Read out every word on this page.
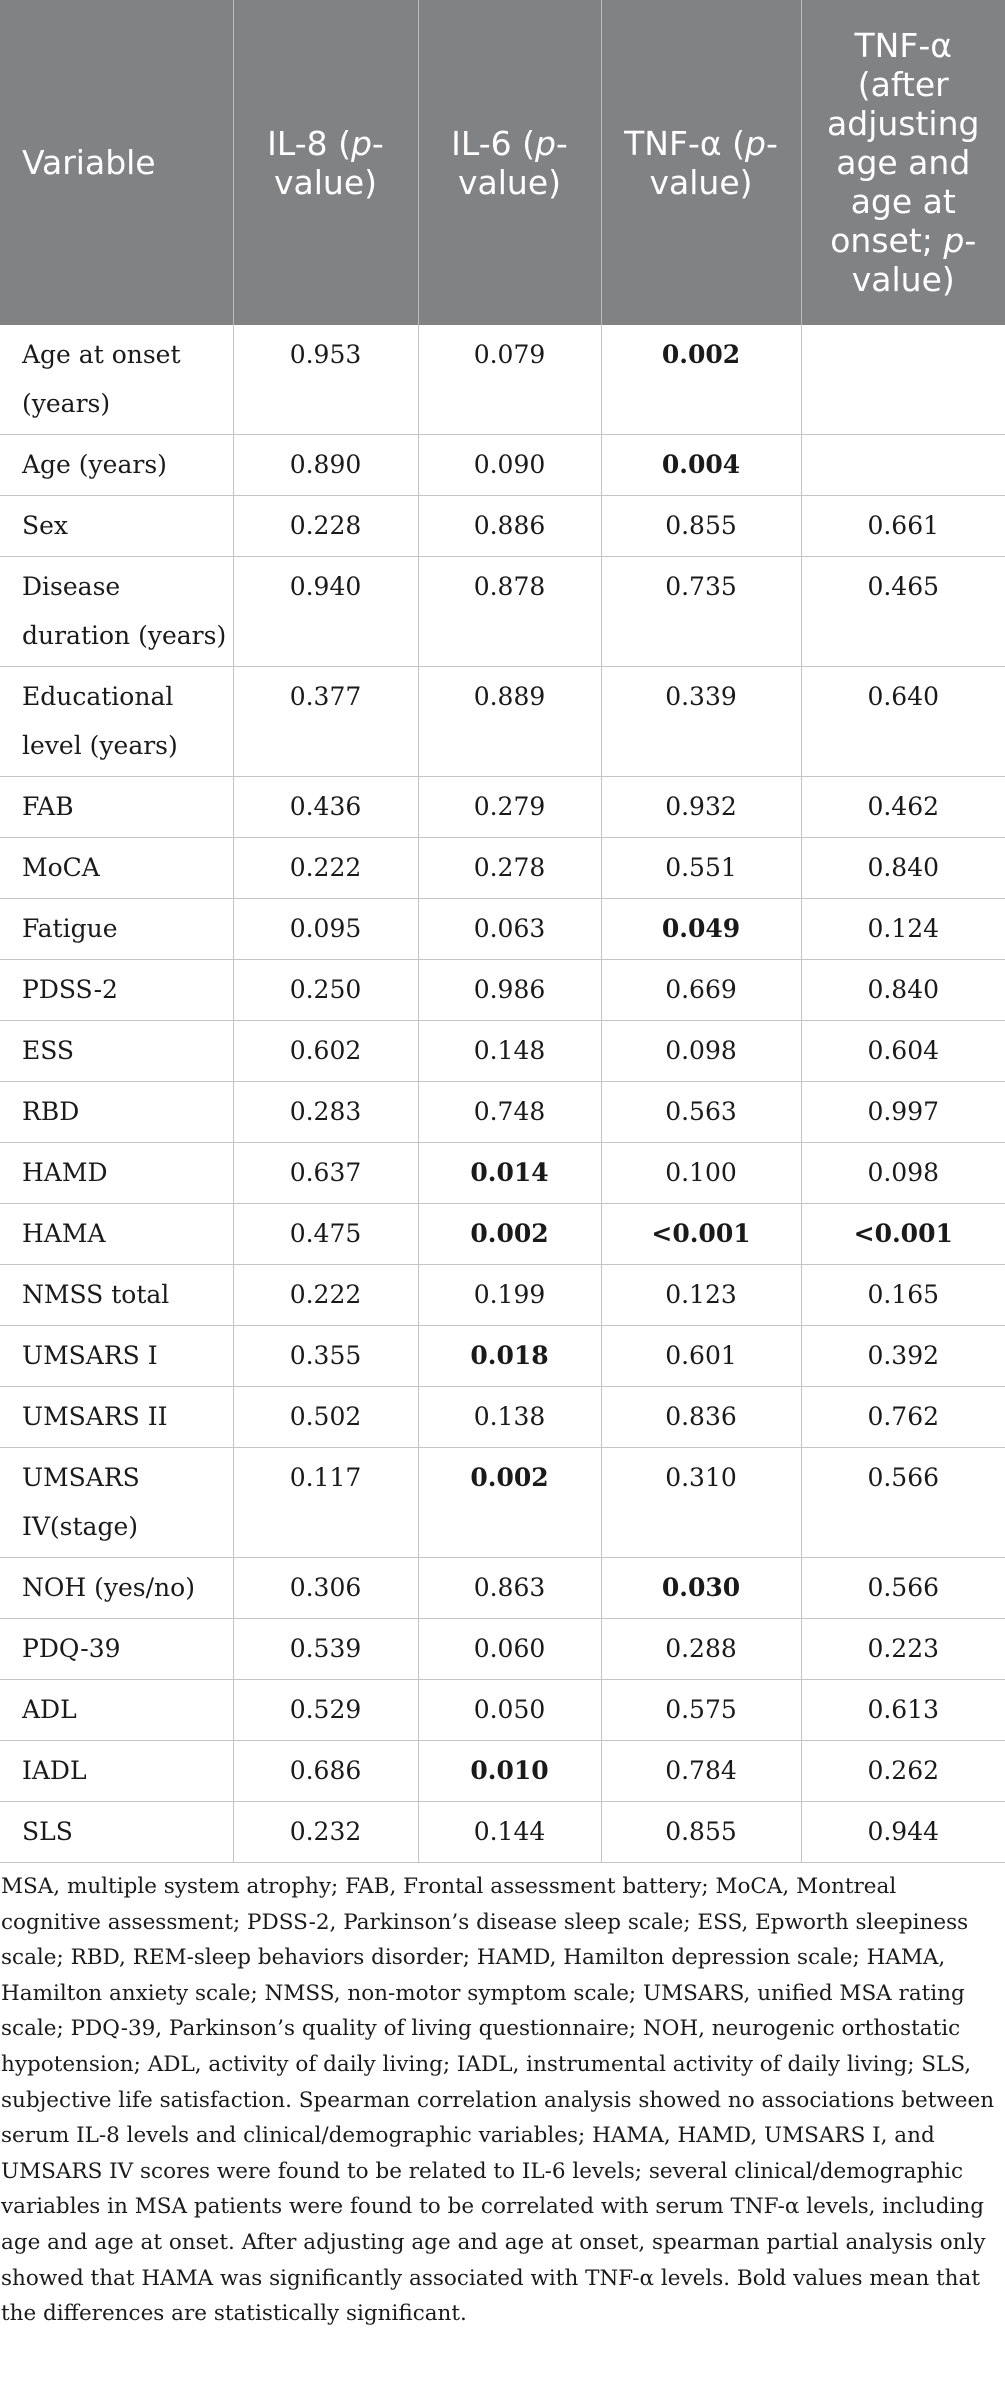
Variable	IL-8 (p-value)	IL-6 (p-value)	TNF-α (p-value)	TNF-α (after adjusting age and age at onset; p-value)
Age at onset (years)	0.953	0.079	0.002	
Age (years)	0.890	0.090	0.004	
Sex	0.228	0.886	0.855	0.661
Disease duration (years)	0.940	0.878	0.735	0.465
Educational level (years)	0.377	0.889	0.339	0.640
FAB	0.436	0.279	0.932	0.462
MoCA	0.222	0.278	0.551	0.840
Fatigue	0.095	0.063	0.049	0.124
PDSS-2	0.250	0.986	0.669	0.840
ESS	0.602	0.148	0.098	0.604
RBD	0.283	0.748	0.563	0.997
HAMD	0.637	0.014	0.100	0.098
HAMA	0.475	0.002	<0.001	<0.001
NMSS total	0.222	0.199	0.123	0.165
UMSARS I	0.355	0.018	0.601	0.392
UMSARS II	0.502	0.138	0.836	0.762
UMSARS IV(stage)	0.117	0.002	0.310	0.566
NOH (yes/no)	0.306	0.863	0.030	0.566
PDQ-39	0.539	0.060	0.288	0.223
ADL	0.529	0.050	0.575	0.613
IADL	0.686	0.010	0.784	0.262
SLS	0.232	0.144	0.855	0.944

MSA, multiple system atrophy; FAB, Frontal assessment battery; MoCA, Montreal cognitive assessment; PDSS-2, Parkinson’s disease sleep scale; ESS, Epworth sleepiness scale; RBD, REM-sleep behaviors disorder; HAMD, Hamilton depression scale; HAMA, Hamilton anxiety scale; NMSS, non-motor symptom scale; UMSARS, unified MSA rating scale; PDQ-39, Parkinson’s quality of living questionnaire; NOH, neurogenic orthostatic hypotension; ADL, activity of daily living; IADL, instrumental activity of daily living; SLS, subjective life satisfaction. Spearman correlation analysis showed no associations between serum IL-8 levels and clinical/demographic variables; HAMA, HAMD, UMSARS I, and UMSARS IV scores were found to be related to IL-6 levels; several clinical/demographic variables in MSA patients were found to be correlated with serum TNF-α levels, including age and age at onset. After adjusting age and age at onset, spearman partial analysis only showed that HAMA was significantly associated with TNF-α levels. Bold values mean that the differences are statistically significant.
